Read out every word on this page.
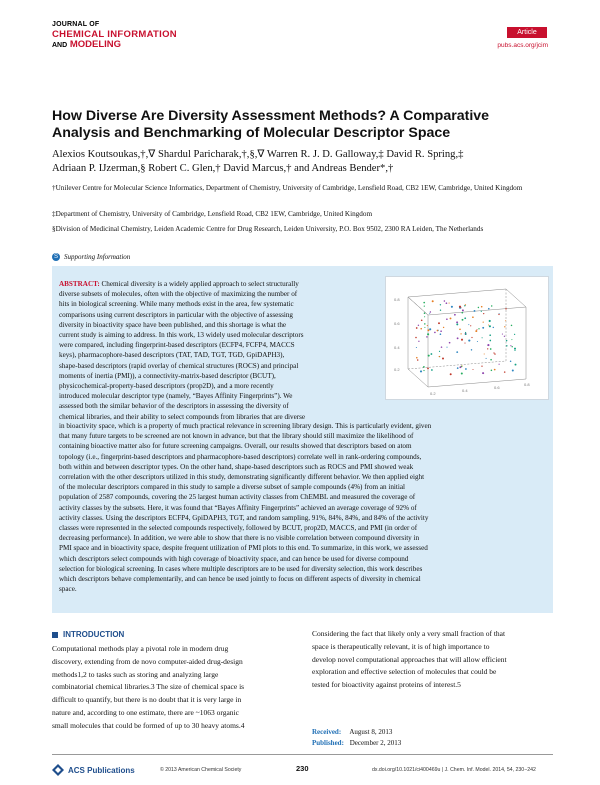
JOURNAL OF
CHEMICAL INFORMATION
AND MODELING
Article
pubs.acs.org/jcim
How Diverse Are Diversity Assessment Methods? A Comparative
Analysis and Benchmarking of Molecular Descriptor Space
Alexios Koutsoukas,†,∇ Shardul Paricharak,†,§,∇ Warren R. J. D. Galloway,‡ David R. Spring,‡
Adriaan P. IJzerman,§ Robert C. Glen,† David Marcus,† and Andreas Bender*,†
†Unilever Centre for Molecular Science Informatics, Department of Chemistry, University of Cambridge, Lensfield Road, CB2 1EW, Cambridge, United Kingdom
‡Department of Chemistry, University of Cambridge, Lensfield Road, CB2 1EW, Cambridge, United Kingdom
§Division of Medicinal Chemistry, Leiden Academic Centre for Drug Research, Leiden University, P.O. Box 9502, 2300 RA Leiden, The Netherlands
S Supporting Information
0.8
0.6
0.4
0.2
0.2
0.4
0.6
0.8
ABSTRACT: Chemical diversity is a widely applied approach to select structurally
diverse subsets of molecules, often with the objective of maximizing the number of
hits in biological screening. While many methods exist in the area, few systematic
comparisons using current descriptors in particular with the objective of assessing
diversity in bioactivity space have been published, and this shortage is what the
current study is aiming to address. In this work, 13 widely used molecular descriptors
were compared, including fingerprint-based descriptors (ECFP4, FCFP4, MACCS
keys), pharmacophore-based descriptors (TAT, TAD, TGT, TGD, GpiDAPH3),
shape-based descriptors (rapid overlay of chemical structures (ROCS) and principal
moments of inertia (PMI)), a connectivity-matrix-based descriptor (BCUT),
physicochemical-property-based descriptors (prop2D), and a more recently
introduced molecular descriptor type (namely, “Bayes Affinity Fingerprints”). We
assessed both the similar behavior of the descriptors in assessing the diversity of
chemical libraries, and their ability to select compounds from libraries that are diverse
in bioactivity space, which is a property of much practical relevance in screening library design. This is particularly evident, given
that many future targets to be screened are not known in advance, but that the library should still maximize the likelihood of
containing bioactive matter also for future screening campaigns. Overall, our results showed that descriptors based on atom
topology (i.e., fingerprint-based descriptors and pharmacophore-based descriptors) correlate well in rank-ordering compounds,
both within and between descriptor types. On the other hand, shape-based descriptors such as ROCS and PMI showed weak
correlation with the other descriptors utilized in this study, demonstrating significantly different behavior. We then applied eight
of the molecular descriptors compared in this study to sample a diverse subset of sample compounds (4%) from an initial
population of 2587 compounds, covering the 25 largest human activity classes from ChEMBL and measured the coverage of
activity classes by the subsets. Here, it was found that “Bayes Affinity Fingerprints” achieved an average coverage of 92% of
activity classes. Using the descriptors ECFP4, GpiDAPH3, TGT, and random sampling, 91%, 84%, 84%, and 84% of the activity
classes were represented in the selected compounds respectively, followed by BCUT, prop2D, MACCS, and PMI (in order of
decreasing performance). In addition, we were able to show that there is no visible correlation between compound diversity in
PMI space and in bioactivity space, despite frequent utilization of PMI plots to this end. To summarize, in this work, we assessed
which descriptors select compounds with high coverage of bioactivity space, and can hence be used for diverse compound
selection for biological screening. In cases where multiple descriptors are to be used for diversity selection, this work describes
which descriptors behave complementarily, and can hence be used jointly to focus on different aspects of diversity in chemical
space.
INTRODUCTION
Computational methods play a pivotal role in modern drug
discovery, extending from de novo computer-aided drug-design
methods1,2 to tasks such as storing and analyzing large
combinatorial chemical libraries.3 The size of chemical space is
difficult to quantify, but there is no doubt that it is very large in
nature and, according to one estimate, there are ~1063 organic
small molecules that could be formed of up to 30 heavy atoms.4
Considering the fact that likely only a very small fraction of that
space is therapeutically relevant, it is of high importance to
develop novel computational approaches that will allow efficient
exploration and effective selection of molecules that could be
tested for bioactivity against proteins of interest.5
Received: August 8, 2013
Published: December 2, 2013
ACS Publications	© 2013 American Chemical Society	230	dx.doi.org/10.1021/ci400469u | J. Chem. Inf. Model. 2014, 54, 230−242
